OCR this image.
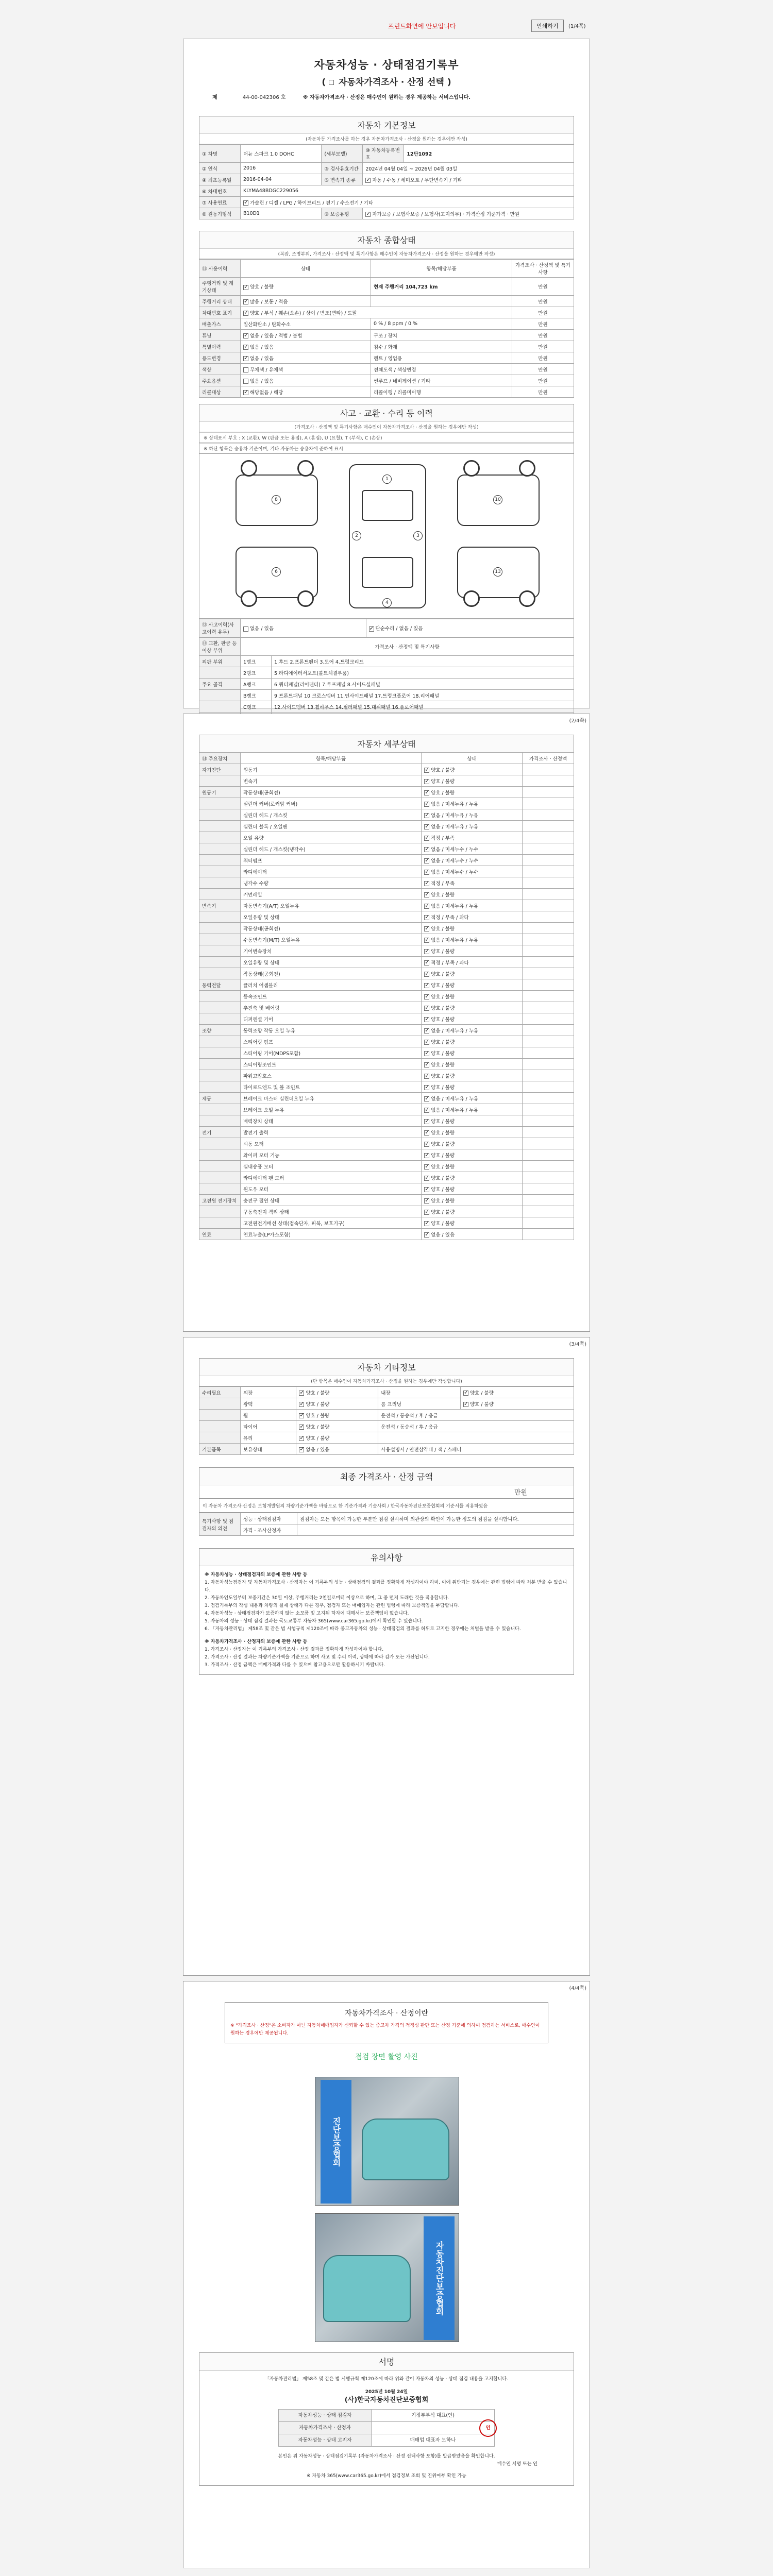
프린트화면에 안보입니다	인쇄하기	(1/4쪽)
자동차성능 · 상태점검기록부
( 자동차가격조사 · 산정 선택 )
제	44-00-042306 호	※ 자동차가격조사 · 산정은 매수인이 원하는 경우 제공하는 서비스입니다.
자동차 기본정보
(자동차등 가격조사를 하는 경우 자동차가격조사 · 산정을 원하는 경우에만 작성)
① 차명	더뉴 스파크 1.0 DOHC	(세부모델)	⑩ 자동차등록번호	12단1092
② 연식	2016	③ 검사유효기간	2024년 04월 04일 ~ 2026년 04월 03일	
④ 최초등록일	2016-04-04	⑤ 변속기 종류	✓자동 / 수동 / 세미오토 / 무단변속기 / 기타
⑥ 차대번호	KLYMA48BDGC229056			
⑦ 사용연료	✓가솔린 / 디젤 / LPG / 하이브리드 / 전기 / 수소전기 / 기타
⑧ 원동기형식	B10D1	⑨ 보증유형	✓자가보증 / 보험사보증 / 보험사(고지의무) · 가격산정 기준가격 · 만원
자동차 종합상태
(복잡, 조명부위, 가격조사 · 산정액 및 특기사항은 매수인이 자동차가격조사 · 산정을 원하는 경우에만 작성)
⑪ 사용이력	상태	항목/해당부품	가격조사 · 산정액 및 특기사항
주행거리 및 계기상태	✓양호 / 불량	현재 주행거리 104,723 km	만원
주행거리 상태	✓많음 / 보통 / 적음		만원
차대번호 표기	✓양호 / 부식 / 훼손(오손) / 상이 / 변조(변타) / 도말		만원
배출가스	일산화탄소 / 탄화수소	0 % / 8 ppm / 0 %	만원
튜닝	✓없음 / 있음 / 적법 / 불법	구조 / 장치	만원
특별이력	✓없음 / 있음	침수 / 화재	만원
용도변경	✓없음 / 있음	렌트 / 영업용	만원
색상	무채색 / 유채색	전체도색 / 색상변경	만원
주요옵션	없음 / 있음	썬루프 / 네비게이션 / 기타	만원
리콜대상	✓해당없음 / 해당	리콜이행 / 리콜미이행	만원
사고 · 교환 · 수리 등 이력
(가격조사 · 산정액 및 특기사항은 매수인이 자동차가격조사 · 산정을 원하는 경우에만 작성)
※ 상태표시 부호 : X (교환), W (판금 또는 용접), A (흠집), U (요철), T (부식), C (손상)
※ 하단 항목은 승용차 기준이며, 기타 자동차는 승용차에 준하여 표시
1
2	3
4
8	10
6	13
⑫ 사고이력(사고이력 유무)	없음 / 있음	✓단순수리 / 없음 / 있음
⑬ 교환, 판금 등 이상 부위	가격조사 · 산정액 및 특기사항	
외판 부위	1랭크	1.후드 2.프론트펜더 3.도어 4.트렁크리드
	2랭크	5.라디에이터서포트(볼트체결부품)
주요 골격	A랭크	6.쿼터패널(리어펜더) 7.루프패널 8.사이드실패널
	B랭크	9.프론트패널 10.크로스멤버 11.인사이드패널 17.트렁크플로어 18.리어패널
	C랭크	12.사이드멤버 13.휠하우스 14.필러패널 15.대쉬패널 16.플로어패널

(2/4쪽)
자동차 세부상태
⑭ 주요장치	항목/해당부품	상태	가격조사 · 산정액
자기진단	원동기	✓양호 / 불량	
	변속기	✓양호 / 불량	
원동기	작동상태(공회전)	✓양호 / 불량	
	실린더 커버(로커암 커버)	✓없음 / 미세누유 / 누유	
	실린더 헤드 / 개스킷	✓없음 / 미세누유 / 누유	
	실린더 블록 / 오일팬	✓없음 / 미세누유 / 누유	
	오일 유량	✓적정 / 부족	
	실린더 헤드 / 개스킷(냉각수)	✓없음 / 미세누수 / 누수	
	워터펌프	✓없음 / 미세누수 / 누수	
	라디에이터	✓없음 / 미세누수 / 누수	
	냉각수 수량	✓적정 / 부족	
	커먼레일	✓양호 / 불량	
변속기	자동변속기(A/T) 오일누유	✓없음 / 미세누유 / 누유	
	오일유량 및 상태	✓적정 / 부족 / 과다	
	작동상태(공회전)	✓양호 / 불량	
	수동변속기(M/T) 오일누유	✓없음 / 미세누유 / 누유	
	기어변속장치	✓양호 / 불량	
	오일유량 및 상태	✓적정 / 부족 / 과다	
	작동상태(공회전)	✓양호 / 불량	
동력전달	클러치 어셈블리	✓양호 / 불량	
	등속조인트	✓양호 / 불량	
	추진축 및 베어링	✓양호 / 불량	
	디퍼렌셜 기어	✓양호 / 불량	
조향	동력조향 작동 오일 누유	✓없음 / 미세누유 / 누유	
	스티어링 펌프	✓양호 / 불량	
	스티어링 기어(MDPS포함)	✓양호 / 불량	
	스티어링조인트	✓양호 / 불량	
	파워고압호스	✓양호 / 불량	
	타이로드엔드 및 볼 조인트	✓양호 / 불량	
제동	브레이크 마스터 실린더오일 누유	✓없음 / 미세누유 / 누유	
	브레이크 오일 누유	✓없음 / 미세누유 / 누유	
	배력장치 상태	✓양호 / 불량	
전기	발전기 출력	✓양호 / 불량	
	시동 모터	✓양호 / 불량	
	와이퍼 모터 기능	✓양호 / 불량	
	실내송풍 모터	✓양호 / 불량	
	라디에이터 팬 모터	✓양호 / 불량	
	윈도우 모터	✓양호 / 불량	
고전원 전기장치	충전구 절연 상태	✓양호 / 불량	
	구동축전지 격리 상태	✓양호 / 불량	
	고전원전기배선 상태(접속단자, 피복, 보호기구)	✓양호 / 불량	
연료	연료누출(LP가스포함)	✓없음 / 있음	
(3/4쪽)
자동차 기타정보
(단 항목은 매수인이 자동차가격조사 · 산정을 원하는 경우에만 작성합니다)
수리필요	외장	✓양호 / 불량	내장	✓양호 / 불량
	광택	✓양호 / 불량	룸 크리닝	✓양호 / 불량
	휠	✓양호 / 불량	운전석 / 동승석 / 후 / 응급	
	타이어	✓양호 / 불량	운전석 / 동승석 / 후 / 응급	
	유리	✓양호 / 불량	
기본품목	보유상태	✓없음 / 있음	사용설명서 / 안전삼각대 / 잭 / 스패너	
최종 가격조사 · 산정 금액
만원
이 자동차 가격조사·산정은 보험개발원의 차량기준가액을 바탕으로 한 기준가격과 기술사회 / 한국자동차진단보증협회의 기준서를 적용하였음
특기사항 및 점검자의 의견	성능 · 상태점검자	점검자는 모든 항목에 가능한 부분만 점검 실시하며 외관상의 확인이 가능한 정도의 점검을 실시합니다.
	가격 · 조사산정자	
유의사항
※ 자동차성능 · 상태점검자의 보증에 관한 사항 등
1. 자동차성능점검자 및 자동차가격조사 · 산정자는 이 기록부의 성능 · 상태점검의 결과를 정확하게 작성하여야 하며, 이에 위반되는 경우에는 관련 법령에 따라 처분 받을 수 있습니다.
2. 자동차인도일부터 보증기간은 30일 이상, 주행거리는 2천킬로미터 이상으로 하며, 그 중 먼저 도래한 것을 적용합니다.
3. 점검기록부의 작성 내용과 차량의 실제 상태가 다른 경우, 점검자 또는 매매업자는 관련 법령에 따라 보증책임을 부담합니다.
4. 자동차성능 · 상태점검자가 보증하지 않는 소모품 및 고지된 하자에 대해서는 보증책임이 없습니다.
5. 자동차의 성능 · 상태 점검 결과는 국토교통부 자동차 365(www.car365.go.kr)에서 확인할 수 있습니다.
6. 「자동차관리법」 제58조 및 같은 법 시행규칙 제120조에 따라 중고자동차의 성능 · 상태점검의 결과를 허위로 고지한 경우에는 처벌을 받을 수 있습니다.
※ 자동차가격조사 · 산정자의 보증에 관한 사항 등
1. 가격조사 · 산정자는 이 기록부의 가격조사 · 산정 결과를 정확하게 작성하여야 합니다.
2. 가격조사 · 산정 결과는 차량기준가액을 기준으로 하며 사고 및 수리 이력, 상태에 따라 감가 또는 가산됩니다.
3. 가격조사 · 산정 금액은 매매가격과 다를 수 있으며 참고용으로만 활용하시기 바랍니다.
(4/4쪽)
자동차가격조사 · 산정이란
※ "가격조사 · 산정"은 소비자가 아닌 자동차매매업자가 신뢰할 수 있는 중고차 가격의 적정성 판단 또는 산정 기준에 의하여 점검하는 서비스로, 매수인이 원하는 경우에만 제공됩니다.
점검 장면 촬영 사진
진단보증협회
자동차진단보증협회
서명
「자동차관리법」 제58조 및 같은 법 시행규칙 제120조에 따라 위와 같이 자동차의 성능 · 상태 점검 내용을 고지합니다.
2025년 10월 24일
(사)한국자동차진단보증협회
자동차성능 · 상태 점검자	기정부부석 대표(인)
자동차가격조사 · 산정자	
자동차성능 · 상태 고지자	매매업 대표자 모하나
인
본인은 위 자동차성능 · 상태점검기록부 (자동차가격조사 · 산정 선택사항 포함)를 발급받았음을 확인합니다.
매수인 서명 또는 인
※ 자동차 365(www.car365.go.kr)에서 점검정보 조회 및 진위여부 확인 가능
